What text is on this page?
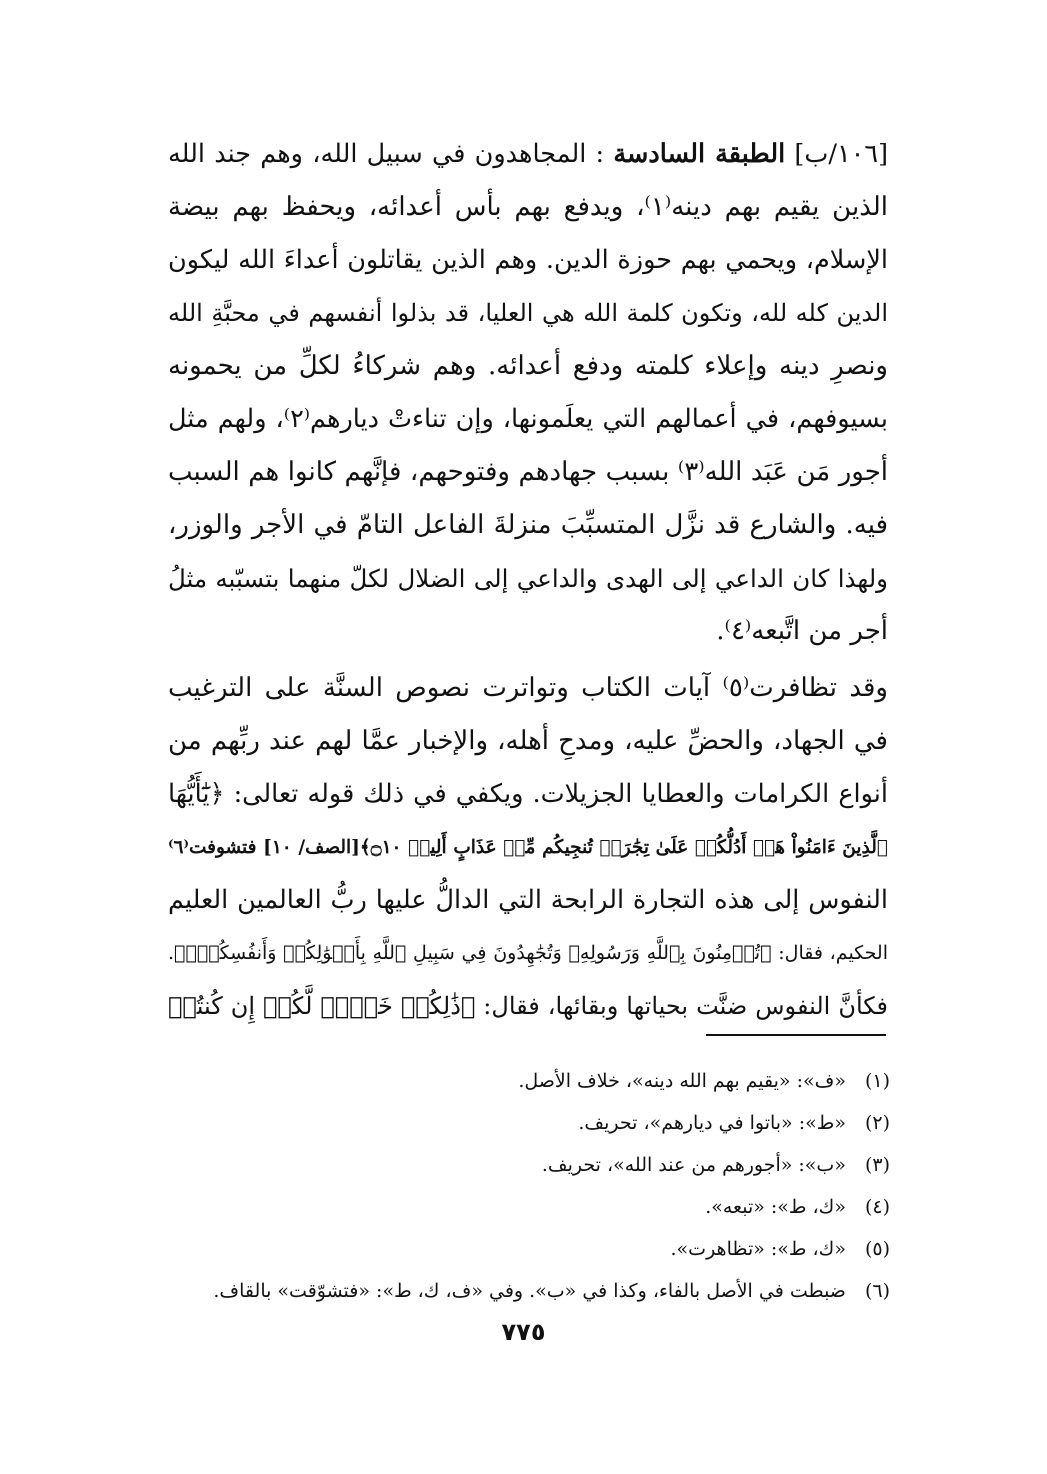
[١٠٦/ب] الطبقة السادسة : المجاهدون في سبيل الله، وهم جند الله
الذين يقيم بهم دينه⁽١⁾، ويدفع بهم بأس أعدائه، ويحفظ بهم بيضة
الإسلام، ويحمي بهم حوزة الدين. وهم الذين يقاتلون أعداءَ الله ليكون
الدين كله لله، وتكون كلمة الله هي العليا، قد بذلوا أنفسهم في محبَّةِ الله
ونصرِ دينه وإعلاء كلمته ودفع أعدائه. وهم شركاءُ لكلِّ من يحمونه
بسيوفهم، في أعمالهم التي يعلَمونها، وإن تناءتْ ديارهم⁽٢⁾، ولهم مثل
أجور مَن عَبَد الله⁽٣⁾ بسبب جهادهم وفتوحهم، فإنَّهم كانوا هم السبب
فيه. والشارع قد نزَّل المتسبِّبَ منزلةَ الفاعل التامّ في الأجر والوزر،
ولهذا كان الداعي إلى الهدى والداعي إلى الضلال لكلّ منهما بتسبّبه مثلُ
أجر من اتَّبعه⁽٤⁾.
وقد تظافرت⁽٥⁾ آيات الكتاب وتواترت نصوص السنَّة على الترغيب
في الجهاد، والحضِّ عليه، ومدحِ أهله، والإخبار عمَّا لهم عند ربِّهم من
أنواع الكرامات والعطايا الجزيلات. ويكفي في ذلك قوله تعالى: ﴿يَٰٓأَيُّهَا
ٱلَّذِينَ ءَامَنُواْ هَلۡ أَدُلُّكُمۡ عَلَىٰ تِجَٰرَةٖ تُنجِيكُم مِّنۡ عَذَابٍ أَلِيمٖ ۝١٠﴾[الصف/ ١٠] فتشوفت⁽٦⁾
النفوس إلى هذه التجارة الرابحة التي الدالُّ عليها ربُّ العالمين العليم
الحكيم، فقال: ﴿تُؤۡمِنُونَ بِٱللَّهِ وَرَسُولِهِۦ وَتُجَٰهِدُونَ فِي سَبِيلِ ٱللَّهِ بِأَمۡوَٰلِكُمۡ وَأَنفُسِكُمۡۚ﴾.
فكأنَّ النفوس ضنَّت بحياتها وبقائها، فقال: ﴿ذَٰلِكُمۡ خَيۡرٞ لَّكُمۡ إِن كُنتُمۡ
(١) «ف»: «يقيم بهم الله دينه»، خلاف الأصل.
(٢) «ط»: «باتوا في ديارهم»، تحريف.
(٣) «ب»: «أجورهم من عند الله»، تحريف.
(٤) «ك، ط»: «تبعه».
(٥) «ك، ط»: «تظاهرت».
(٦) ضبطت في الأصل بالفاء، وكذا في «ب». وفي «ف، ك، ط»: «فتشوّقت» بالقاف.
٧٧٥
